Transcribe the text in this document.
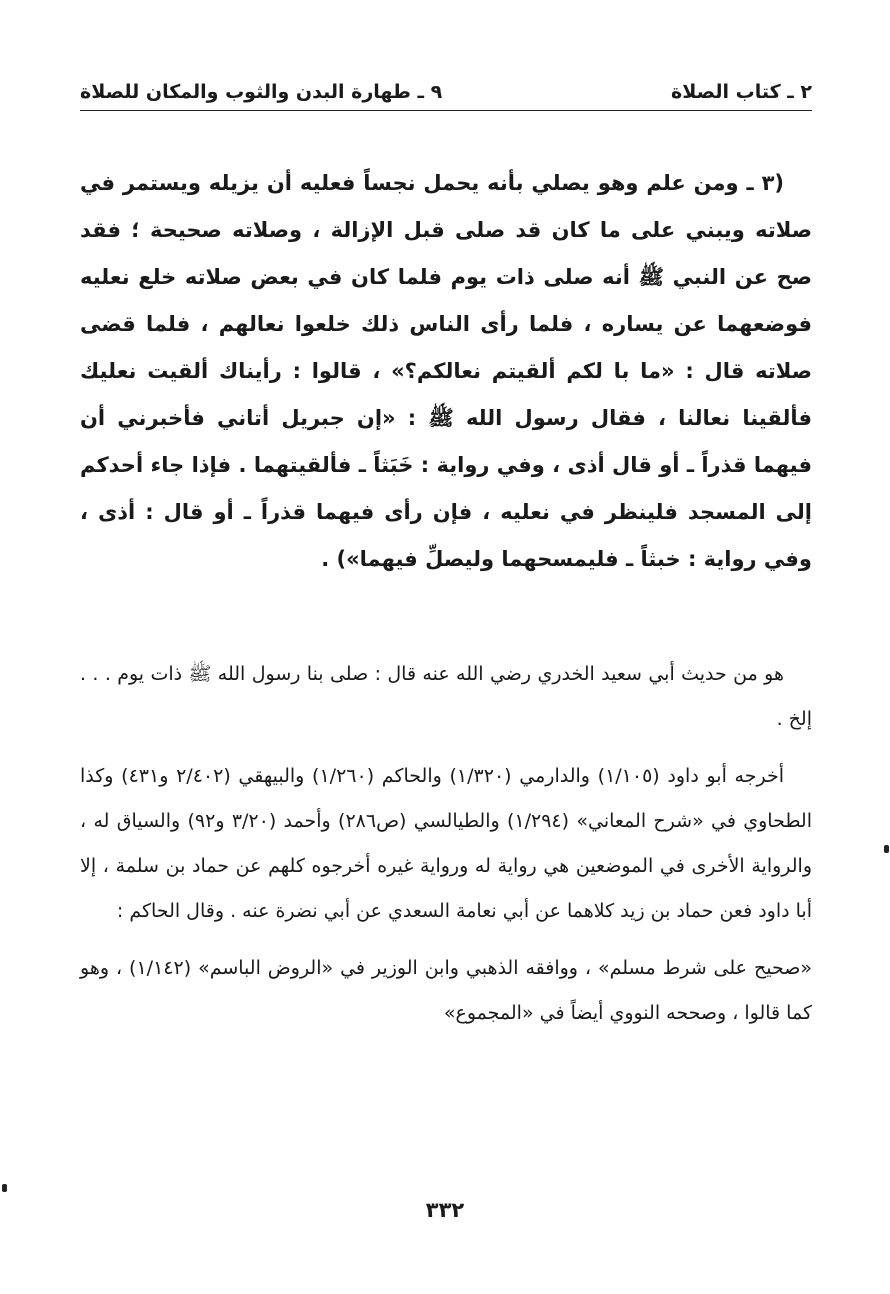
٢ ـ كتاب الصلاة
٩ ـ طهارة البدن والثوب والمكان للصلاة

(٣ ـ ومن علم وهو يصلي بأنه يحمل نجساً فعليه أن يزيله ويستمر في صلاته ويبني على ما كان قد صلى قبل الإزالة ، وصلاته صحيحة ؛ فقد صح عن النبي ﷺ أنه صلى ذات يوم فلما كان في بعض صلاته خلع نعليه فوضعهما عن يساره ، فلما رأى الناس ذلك خلعوا نعالهم ، فلما قضى صلاته قال : «ما با لكم ألقيتم نعالكم؟» ، قالوا : رأيناك ألقيت نعليك فألقينا نعالنا ، فقال رسول الله ﷺ : «إن جبريل أتاني فأخبرني أن فيهما قذراً ـ أو قال أذى ، وفي رواية : خَبَثاً ـ فألقيتهما . فإذا جاء أحدكم إلى المسجد فلينظر في نعليه ، فإن رأى فيهما قذراً ـ أو قال : أذى ، وفي رواية : خبثاً ـ فليمسحهما وليصلِّ فيهما») .

هو من حديث أبي سعيد الخدري رضي الله عنه قال : صلى بنا رسول الله ﷺ ذات يوم . . . إلخ .

أخرجه أبو داود (١/١٠٥) والدارمي (١/٣٢٠) والحاكم (١/٢٦٠) والبيهقي (٢/٤٠٢ و٤٣١) وكذا الطحاوي في «شرح المعاني» (١/٢٩٤) والطيالسي (ص٢٨٦) وأحمد (٣/٢٠ و٩٢) والسياق له ، والرواية الأخرى في الموضعين هي رواية له ورواية غيره أخرجوه كلهم عن حماد بن سلمة ، إلا أبا داود فعن حماد بن زيد كلاهما عن أبي نعامة السعدي عن أبي نضرة عنه . وقال الحاكم :

«صحيح على شرط مسلم» ، ووافقه الذهبي وابن الوزير في «الروض الباسم» (١/١٤٢) ، وهو كما قالوا ، وصححه النووي أيضاً في «المجموع»

٣٣٢
